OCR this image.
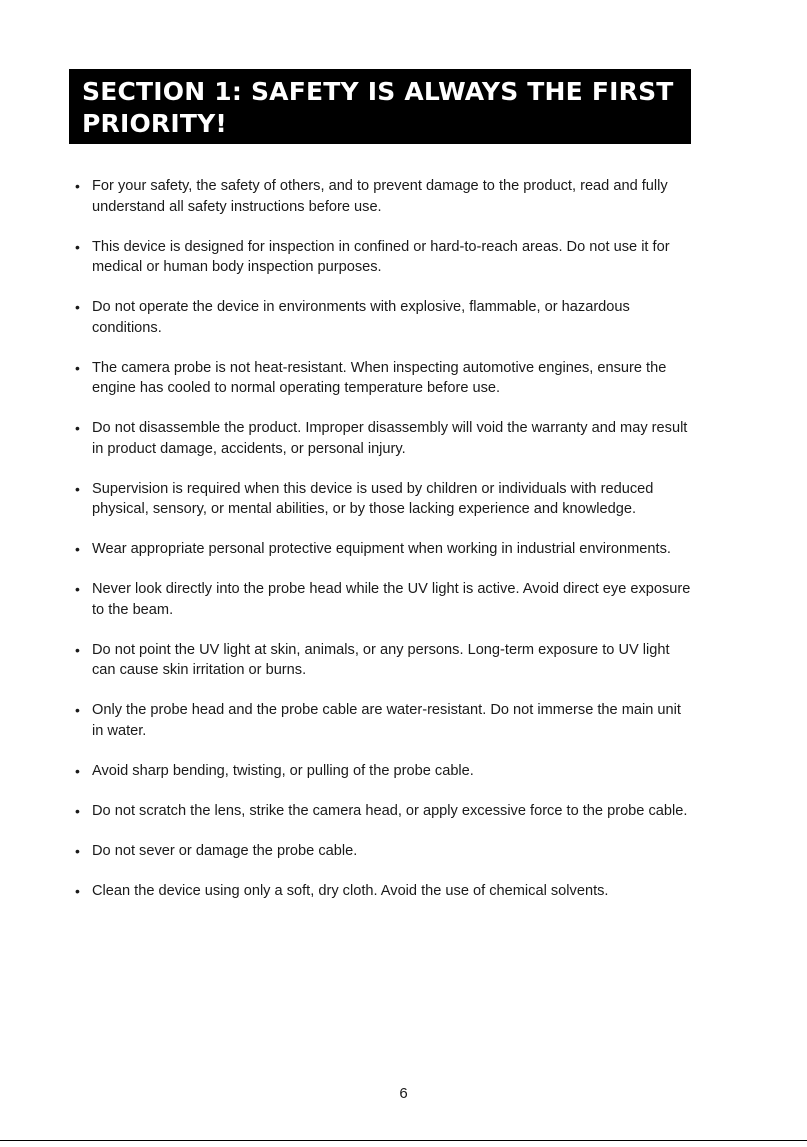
SECTION 1: SAFETY IS ALWAYS THE FIRST PRIORITY!
• For your safety, the safety of others, and to prevent damage to the product, read and fully understand all safety instructions before use.
• This device is designed for inspection in confined or hard-to-reach areas. Do not use it for medical or human body inspection purposes.
• Do not operate the device in environments with explosive, flammable, or hazardous conditions.
• The camera probe is not heat-resistant. When inspecting automotive engines, ensure the engine has cooled to normal operating temperature before use.
• Do not disassemble the product. Improper disassembly will void the warranty and may result in product damage, accidents, or personal injury.
• Supervision is required when this device is used by children or individuals with reduced physical, sensory, or mental abilities, or by those lacking experience and knowledge.
• Wear appropriate personal protective equipment when working in industrial environments.
• Never look directly into the probe head while the UV light is active. Avoid direct eye exposure to the beam.
• Do not point the UV light at skin, animals, or any persons. Long-term exposure to UV light can cause skin irritation or burns.
• Only the probe head and the probe cable are water-resistant. Do not immerse the main unit in water.
• Avoid sharp bending, twisting, or pulling of the probe cable.
• Do not scratch the lens, strike the camera head, or apply excessive force to the probe cable.
• Do not sever or damage the probe cable.
• Clean the device using only a soft, dry cloth. Avoid the use of chemical solvents.
6
